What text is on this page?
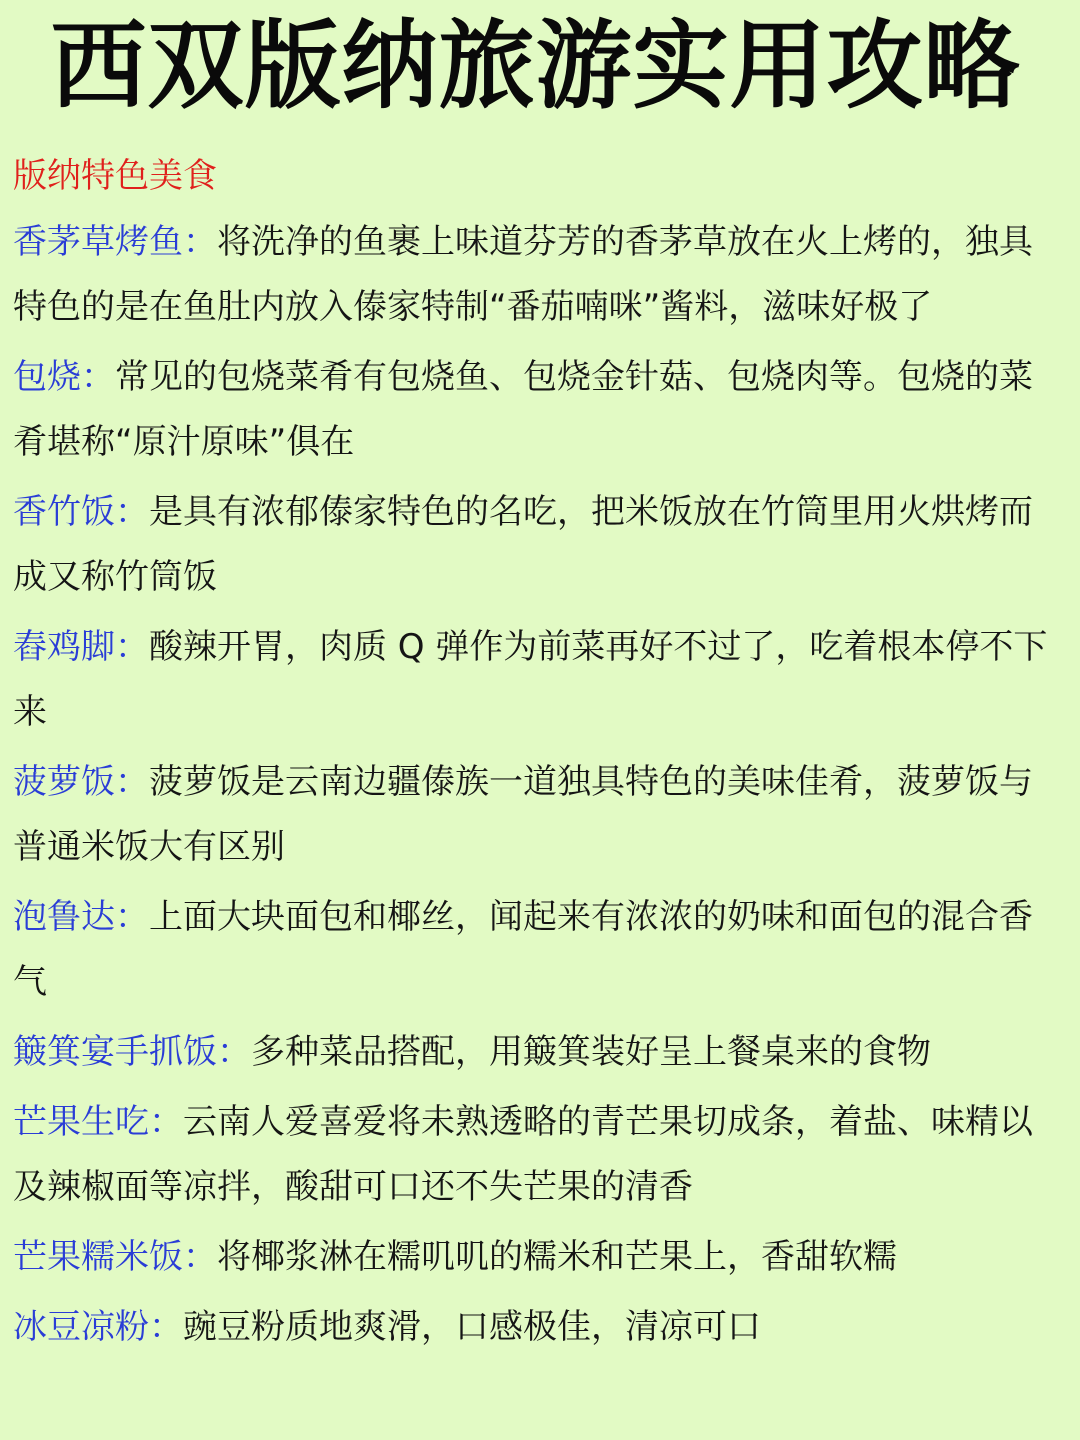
西双版纳旅游实用攻略
版纳特色美食
香茅草烤鱼：将洗净的鱼裹上味道芬芳的香茅草放在火上烤的，独具特色的是在鱼肚内放入傣家特制“番茄喃咪”酱料，滋味好极了
包烧：常见的包烧菜肴有包烧鱼、包烧金针菇、包烧肉等。包烧的菜肴堪称“原汁原味”俱在
香竹饭：是具有浓郁傣家特色的名吃，把米饭放在竹筒里用火烘烤而成又称竹筒饭
舂鸡脚：酸辣开胃，肉质 Q 弹作为前菜再好不过了，吃着根本停不下来
菠萝饭：菠萝饭是云南边疆傣族一道独具特色的美味佳肴，菠萝饭与普通米饭大有区别
泡鲁达：上面大块面包和椰丝，闻起来有浓浓的奶味和面包的混合香气
簸箕宴手抓饭：多种菜品搭配，用簸箕装好呈上餐桌来的食物
芒果生吃：云南人爱喜爱将未熟透略的青芒果切成条，着盐、味精以及辣椒面等凉拌，酸甜可口还不失芒果的清香
芒果糯米饭：将椰浆淋在糯叽叽的糯米和芒果上，香甜软糯
冰豆凉粉：豌豆粉质地爽滑，口感极佳，清凉可口
